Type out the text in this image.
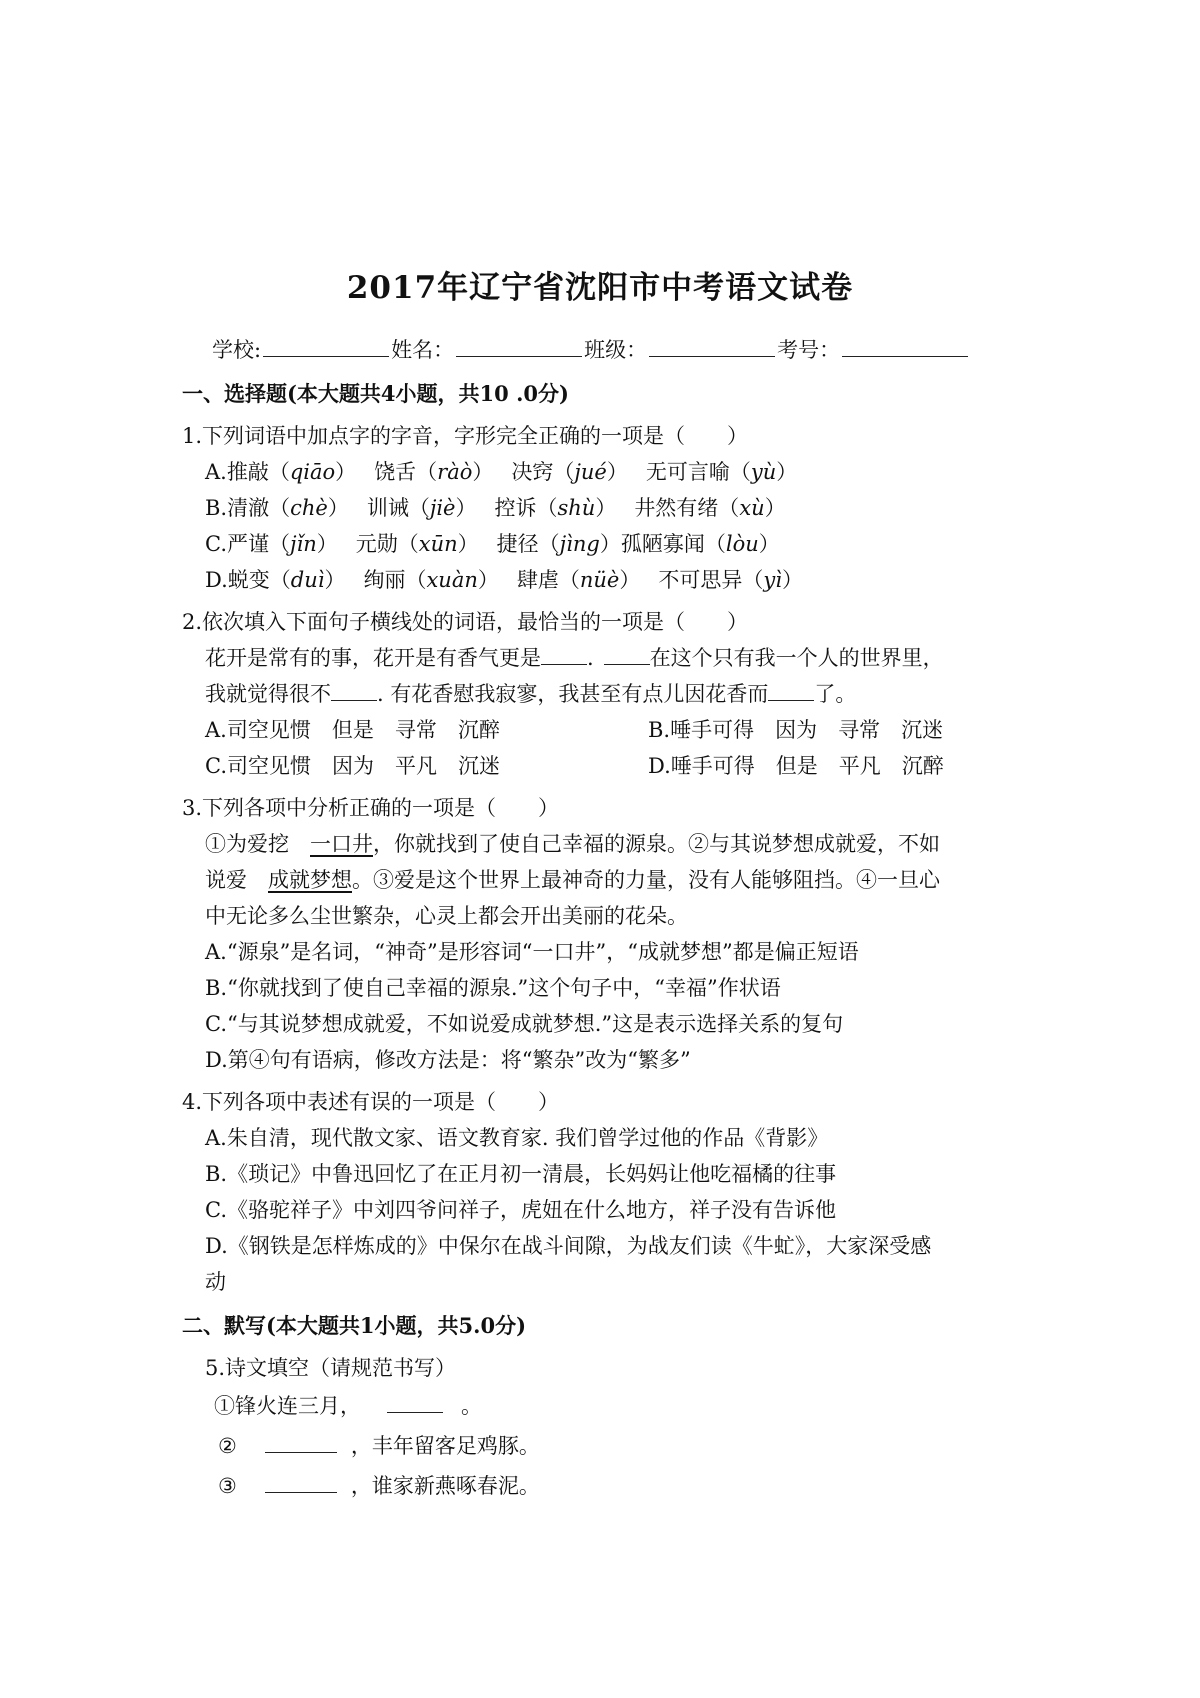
2017年辽宁省沈阳市中考语文试卷
学校:	姓名：	班级：	考号：
一、选择题(本大题共4小题，共10 .0分)
1.下列词语中加点字的字音，字形完全正确的一项是（　　）
A.推敲（qiāo） 饶舌（ràò） 决窍（jué） 无可言喻（yù）
B.清澈（chè） 训诫（jiè） 控诉（shù） 井然有绪（xù）
C.严谨（jǐn） 元勋（xūn） 捷径（jìng）孤陋寡闻（lòu）
D.蜕变（duì） 绚丽（xuàn） 肆虐（nüè） 不可思异（yì）
2.依次填入下面句子横线处的词语，最恰当的一项是（　　）
花开是常有的事，花开是有香气更是 .	在这个只有我一个人的世界里，
我就觉得很不 . 有花香慰我寂寥，我甚至有点儿因花香而 了。
A.司空见惯　但是　寻常　沉醉	B.唾手可得　因为　寻常　沉迷
C.司空见惯　因为　平凡　沉迷	D.唾手可得　但是　平凡　沉醉
3.下列各项中分析正确的一项是（　　）
①为爱挖　一口井，你就找到了使自己幸福的源泉。②与其说梦想成就爱，不如
说爱　成就梦想。③爱是这个世界上最神奇的力量，没有人能够阻挡。④一旦心
中无论多么尘世繁杂，心灵上都会开出美丽的花朵。
A.“源泉”是名词，“神奇”是形容词“一口井”，“成就梦想”都是偏正短语
B.“你就找到了使自己幸福的源泉.”这个句子中，“幸福”作状语
C.“与其说梦想成就爱，不如说爱成就梦想.”这是表示选择关系的复句
D.第④句有语病，修改方法是：将“繁杂”改为“繁多”
4.下列各项中表述有误的一项是（　　）
A.朱自清，现代散文家、语文教育家. 我们曾学过他的作品《背影》
B.《琐记》中鲁迅回忆了在正月初一清晨，长妈妈让他吃福橘的往事
C.《骆驼祥子》中刘四爷问祥子，虎妞在什么地方，祥子没有告诉他
D.《钢铁是怎样炼成的》中保尔在战斗间隙，为战友们读《牛虻》，大家深受感
动
二、默写(本大题共1小题，共5.0分)
5.诗文填空（请规范书写）
①锋火连三月，	。
②	，丰年留客足鸡豚。
③	，谁家新燕啄春泥。
